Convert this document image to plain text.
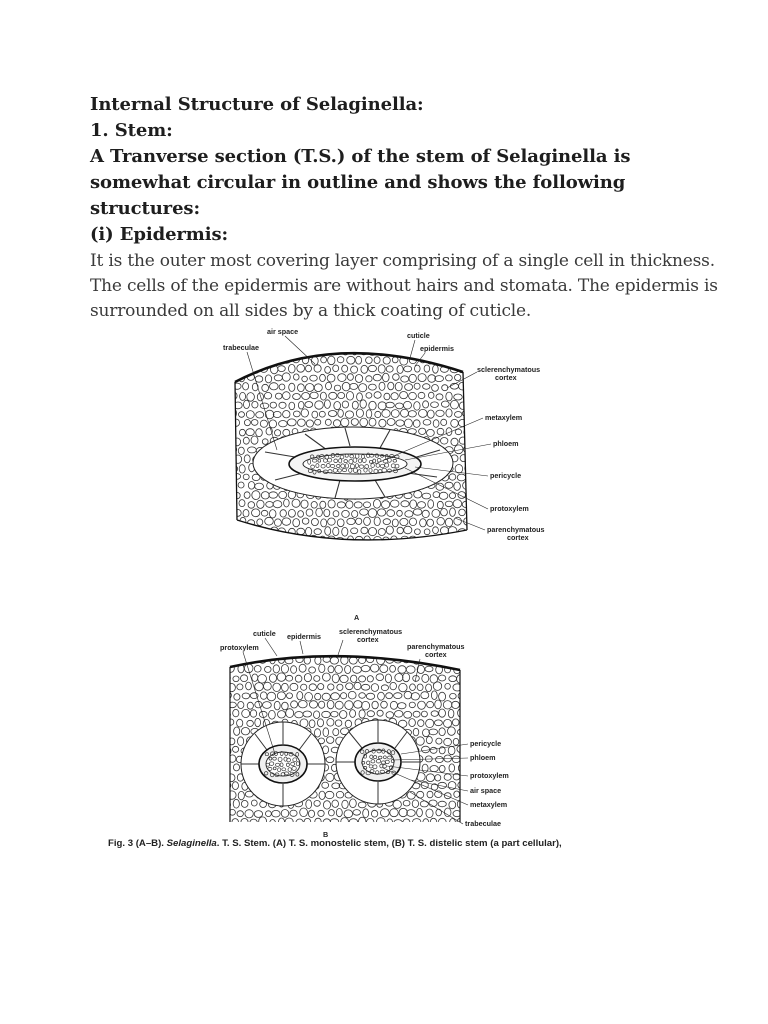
Internal Structure of Selaginella:
1. Stem:
A Tranverse section (T.S.) of the stem of Selaginella is somewhat circular in outline and shows the following structures:
(i) Epidermis:
It is the outer most covering layer comprising of a single cell in thickness. The cells of the epidermis are without hairs and stomata. The epidermis is surrounded on all sides by a thick coating of cuticle.
air space
trabeculae
cuticle
epidermis
sclerenchymatous
cortex
metaxylem
phloem
pericycle
protoxylem
parenchymatous
cortex
A
cuticle epidermis
sclerenchymatous
cortex
protoxylem	parenchymatous
cortex
pericycle
phloem
protoxylem
air space
metaxylem
trabeculae
B
Fig. 3 (A–B). Selaginella. T. S. Stem. (A) T. S. monostelic stem, (B) T. S. distelic stem (a part cellular),
